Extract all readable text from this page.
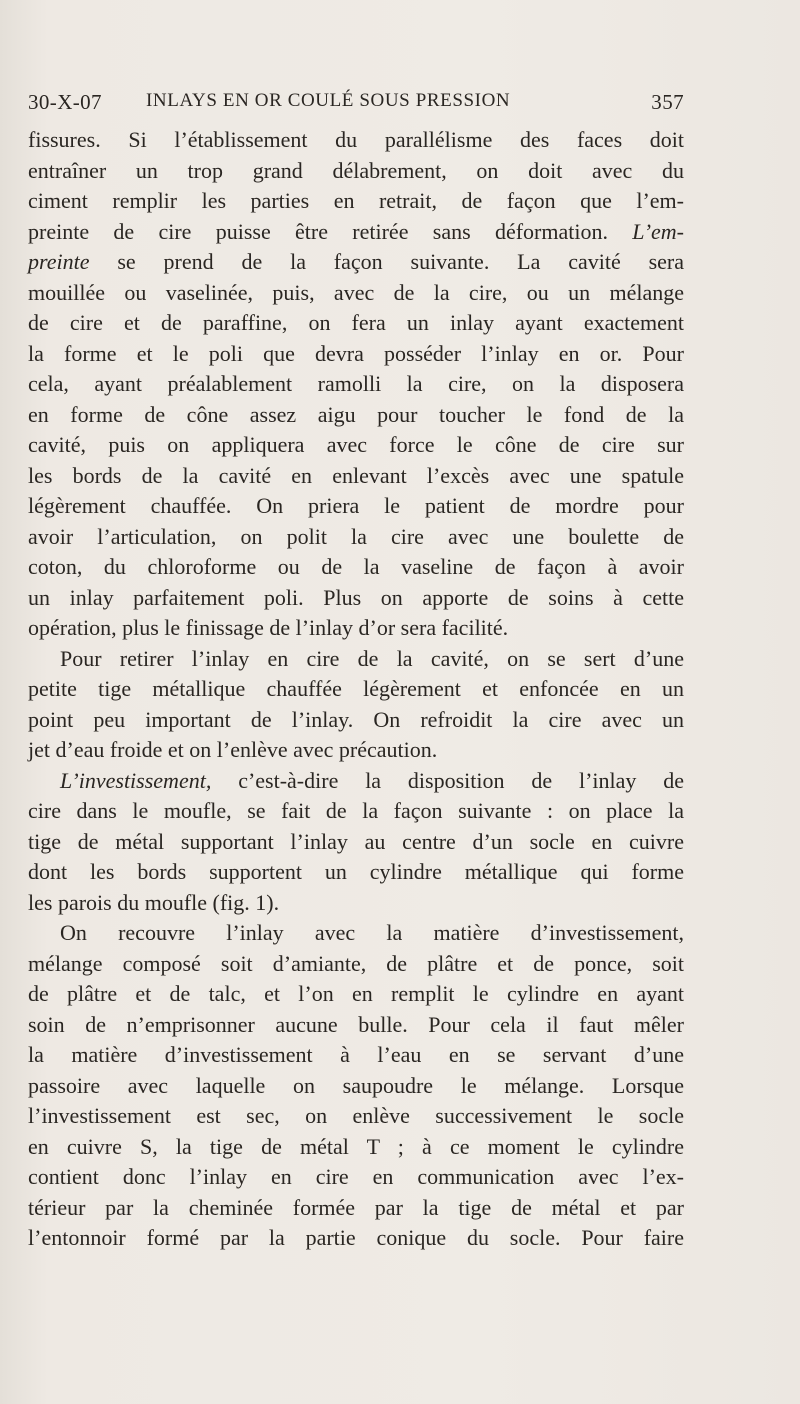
30-X-07 INLAYS EN OR COULÉ SOUS PRESSION	357
fissures. Si l’établissement du parallélisme des faces doit
entraîner un trop grand délabrement, on doit avec du
ciment remplir les parties en retrait, de façon que l’em-
preinte de cire puisse être retirée sans déformation. L’em-
preinte se prend de la façon suivante. La cavité sera
mouillée ou vaselinée, puis, avec de la cire, ou un mélange
de cire et de paraffine, on fera un inlay ayant exactement
la forme et le poli que devra posséder l’inlay en or. Pour
cela, ayant préalablement ramolli la cire, on la disposera
en forme de cône assez aigu pour toucher le fond de la
cavité, puis on appliquera avec force le cône de cire sur
les bords de la cavité en enlevant l’excès avec une spatule
légèrement chauffée. On priera le patient de mordre pour
avoir l’articulation, on polit la cire avec une boulette de
coton, du chloroforme ou de la vaseline de façon à avoir
un inlay parfaitement poli. Plus on apporte de soins à cette
opération, plus le finissage de l’inlay d’or sera facilité.
Pour retirer l’inlay en cire de la cavité, on se sert d’une
petite tige métallique chauffée légèrement et enfoncée en un
point peu important de l’inlay. On refroidit la cire avec un
jet d’eau froide et on l’enlève avec précaution.
L’investissement, c’est-à-dire la disposition de l’inlay de
cire dans le moufle, se fait de la façon suivante : on place la
tige de métal supportant l’inlay au centre d’un socle en cuivre
dont les bords supportent un cylindre métallique qui forme
les parois du moufle (fig. 1).
On recouvre l’inlay avec la matière d’investissement,
mélange composé soit d’amiante, de plâtre et de ponce, soit
de plâtre et de talc, et l’on en remplit le cylindre en ayant
soin de n’emprisonner aucune bulle. Pour cela il faut mêler
la matière d’investissement à l’eau en se servant d’une
passoire avec laquelle on saupoudre le mélange. Lorsque
l’investissement est sec, on enlève successivement le socle
en cuivre S, la tige de métal T ; à ce moment le cylindre
contient donc l’inlay en cire en communication avec l’ex-
térieur par la cheminée formée par la tige de métal et par
l’entonnoir formé par la partie conique du socle. Pour faire
